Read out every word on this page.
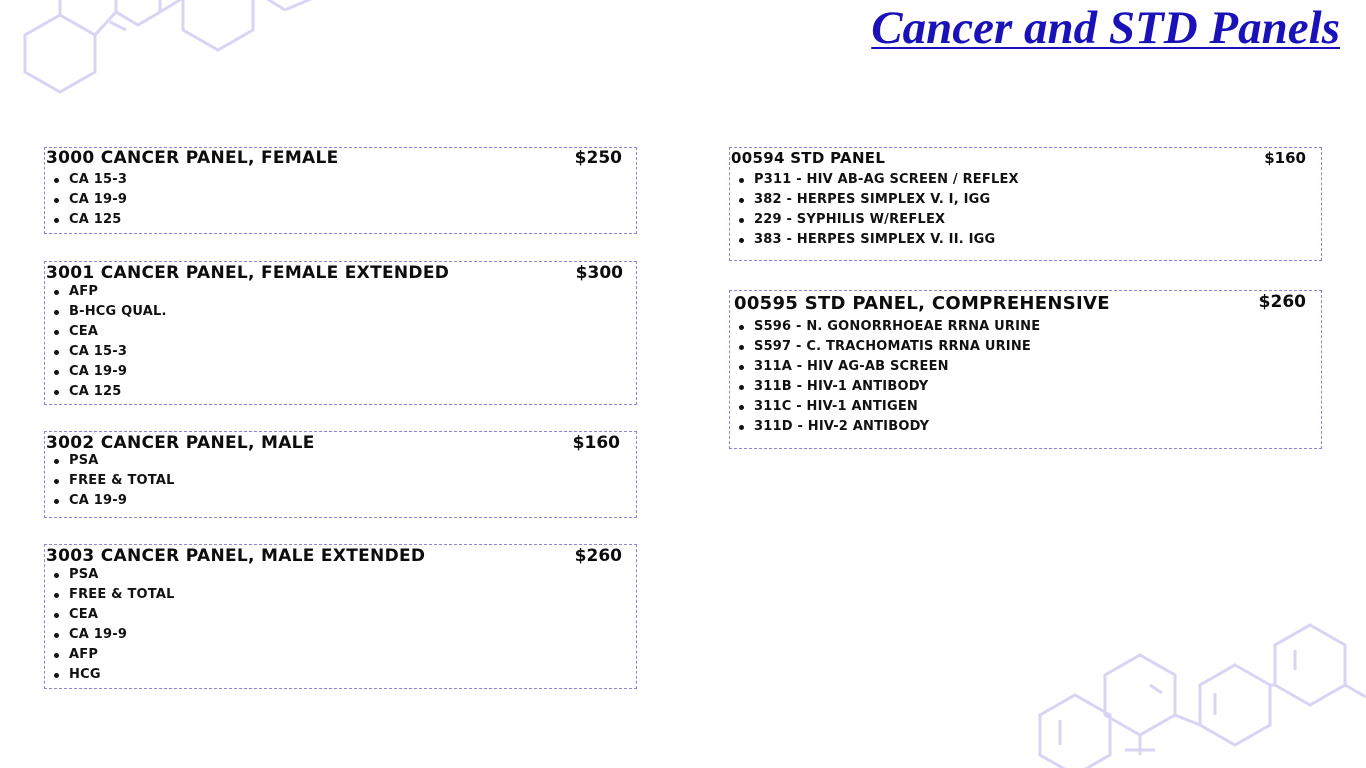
Cancer and STD Panels
3000 CANCER PANEL, FEMALE	$250
CA 15-3
CA 19-9
CA 125
3001 CANCER PANEL, FEMALE EXTENDED	$300
AFP
B-HCG QUAL.
CEA
CA 15-3
CA 19-9
CA 125
3002 CANCER PANEL, MALE	$160
PSA
FREE & TOTAL
CA 19-9
3003 CANCER PANEL, MALE EXTENDED	$260
PSA
FREE & TOTAL
CEA
CA 19-9
AFP
HCG
00594 STD PANEL	$160
P311 - HIV AB-AG SCREEN / REFLEX
382 - HERPES SIMPLEX V. I, IGG
229 - SYPHILIS W/REFLEX
383 - HERPES SIMPLEX V. II. IGG
00595 STD PANEL, COMPREHENSIVE	$260
S596 - N. GONORRHOEAE RRNA URINE
S597 - C. TRACHOMATIS RRNA URINE
311A - HIV AG-AB SCREEN
311B - HIV-1 ANTIBODY
311C - HIV-1 ANTIGEN
311D - HIV-2 ANTIBODY
